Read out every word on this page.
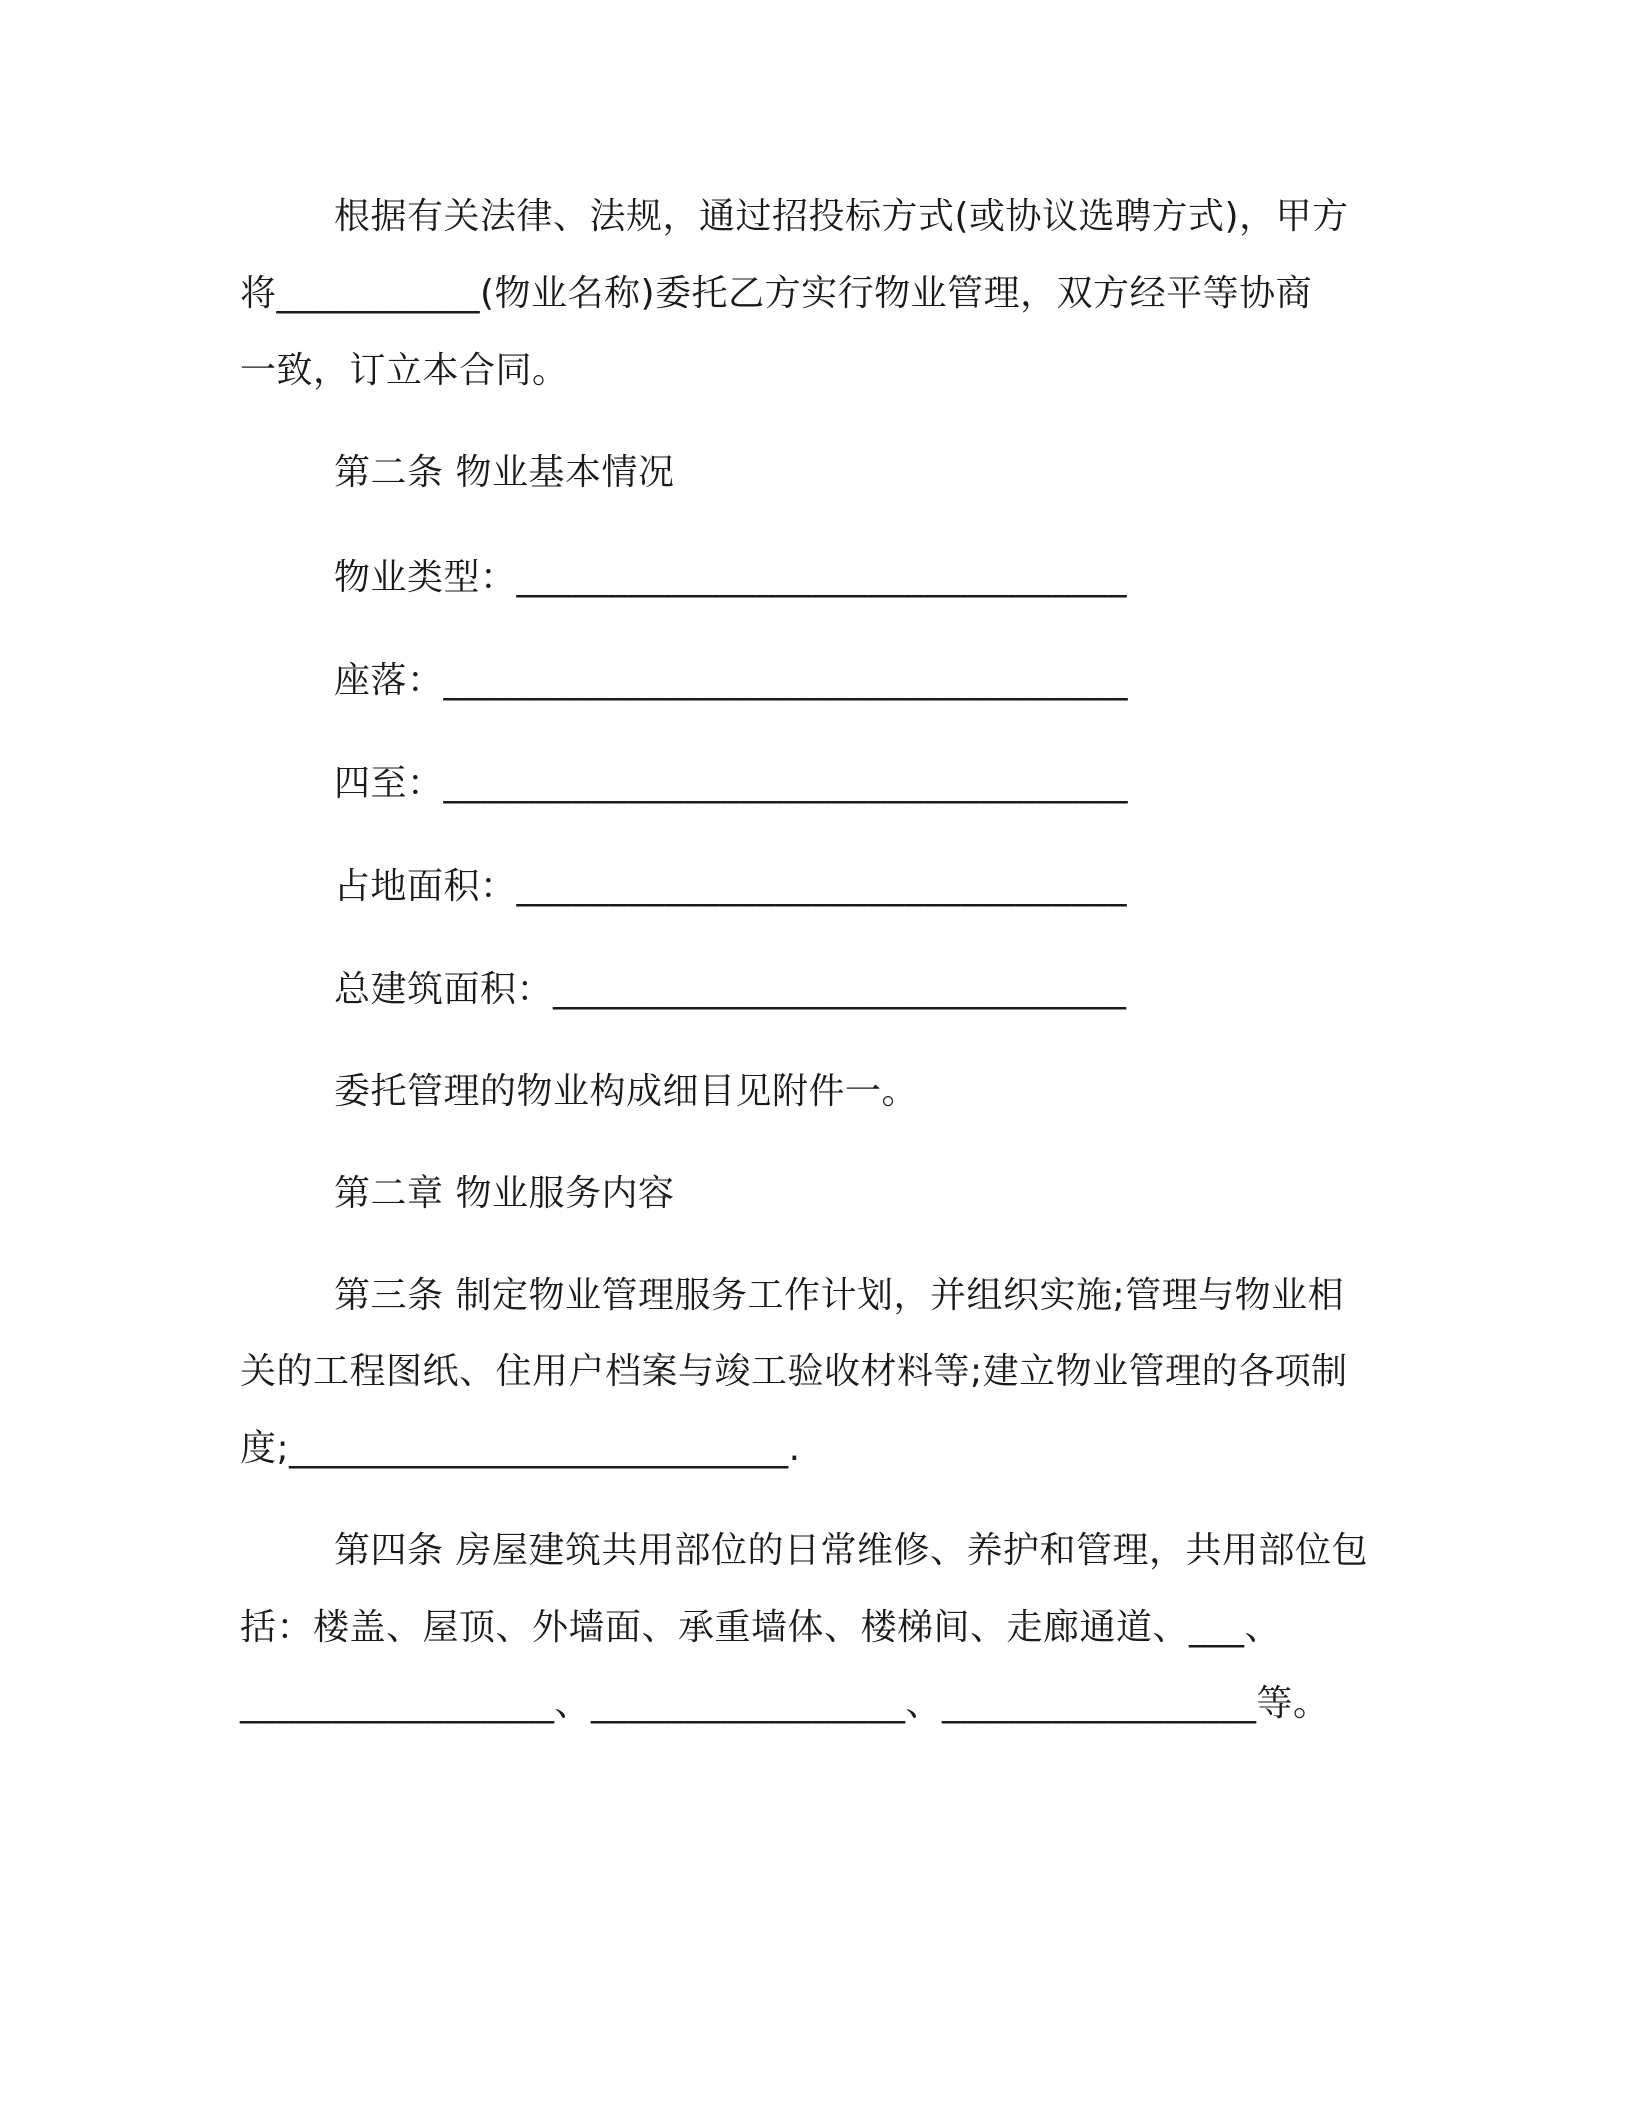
根据有关法律、法规，通过招投标方式(或协议选聘方式)，甲方
将___________(物业名称)委托乙方实行物业管理，双方经平等协商
一致，订立本合同。
第二条 物业基本情况
物业类型：_________________________________
座落：_____________________________________
四至：_____________________________________
占地面积：_________________________________
总建筑面积：_______________________________
委托管理的物业构成细目见附件一。
第二章 物业服务内容
第三条 制定物业管理服务工作计划，并组织实施;管理与物业相
关的工程图纸、住用户档案与竣工验收材料等;建立物业管理的各项制
度;___________________________.
第四条 房屋建筑共用部位的日常维修、养护和管理，共用部位包
括：楼盖、屋顶、外墙面、承重墙体、楼梯间、走廊通道、___、
_________________、_________________、_________________等。
